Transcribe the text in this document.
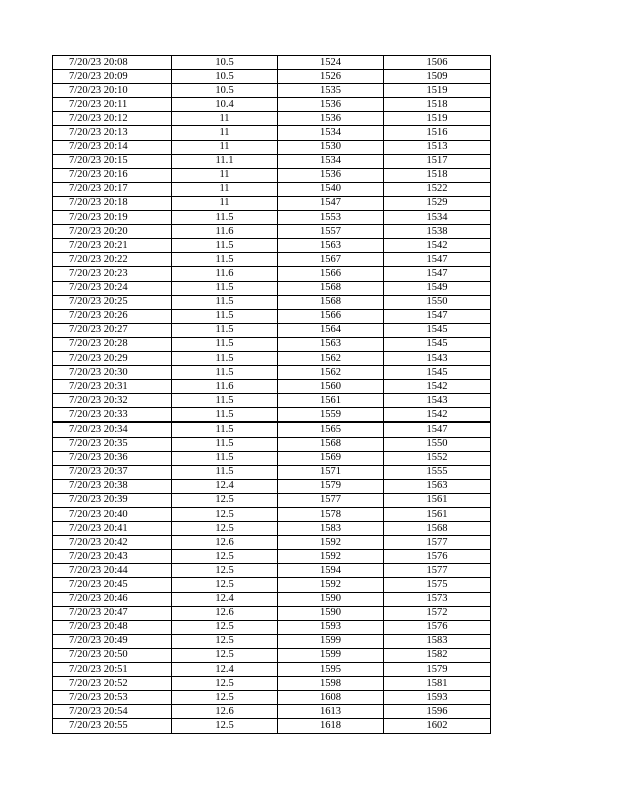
7/20/23 20:08	10.5	1524	1506
7/20/23 20:09	10.5	1526	1509
7/20/23 20:10	10.5	1535	1519
7/20/23 20:11	10.4	1536	1518
7/20/23 20:12	11	1536	1519
7/20/23 20:13	11	1534	1516
7/20/23 20:14	11	1530	1513
7/20/23 20:15	11.1	1534	1517
7/20/23 20:16	11	1536	1518
7/20/23 20:17	11	1540	1522
7/20/23 20:18	11	1547	1529
7/20/23 20:19	11.5	1553	1534
7/20/23 20:20	11.6	1557	1538
7/20/23 20:21	11.5	1563	1542
7/20/23 20:22	11.5	1567	1547
7/20/23 20:23	11.6	1566	1547
7/20/23 20:24	11.5	1568	1549
7/20/23 20:25	11.5	1568	1550
7/20/23 20:26	11.5	1566	1547
7/20/23 20:27	11.5	1564	1545
7/20/23 20:28	11.5	1563	1545
7/20/23 20:29	11.5	1562	1543
7/20/23 20:30	11.5	1562	1545
7/20/23 20:31	11.6	1560	1542
7/20/23 20:32	11.5	1561	1543
7/20/23 20:33	11.5	1559	1542
7/20/23 20:34	11.5	1565	1547
7/20/23 20:35	11.5	1568	1550
7/20/23 20:36	11.5	1569	1552
7/20/23 20:37	11.5	1571	1555
7/20/23 20:38	12.4	1579	1563
7/20/23 20:39	12.5	1577	1561
7/20/23 20:40	12.5	1578	1561
7/20/23 20:41	12.5	1583	1568
7/20/23 20:42	12.6	1592	1577
7/20/23 20:43	12.5	1592	1576
7/20/23 20:44	12.5	1594	1577
7/20/23 20:45	12.5	1592	1575
7/20/23 20:46	12.4	1590	1573
7/20/23 20:47	12.6	1590	1572
7/20/23 20:48	12.5	1593	1576
7/20/23 20:49	12.5	1599	1583
7/20/23 20:50	12.5	1599	1582
7/20/23 20:51	12.4	1595	1579
7/20/23 20:52	12.5	1598	1581
7/20/23 20:53	12.5	1608	1593
7/20/23 20:54	12.6	1613	1596
7/20/23 20:55	12.5	1618	1602
